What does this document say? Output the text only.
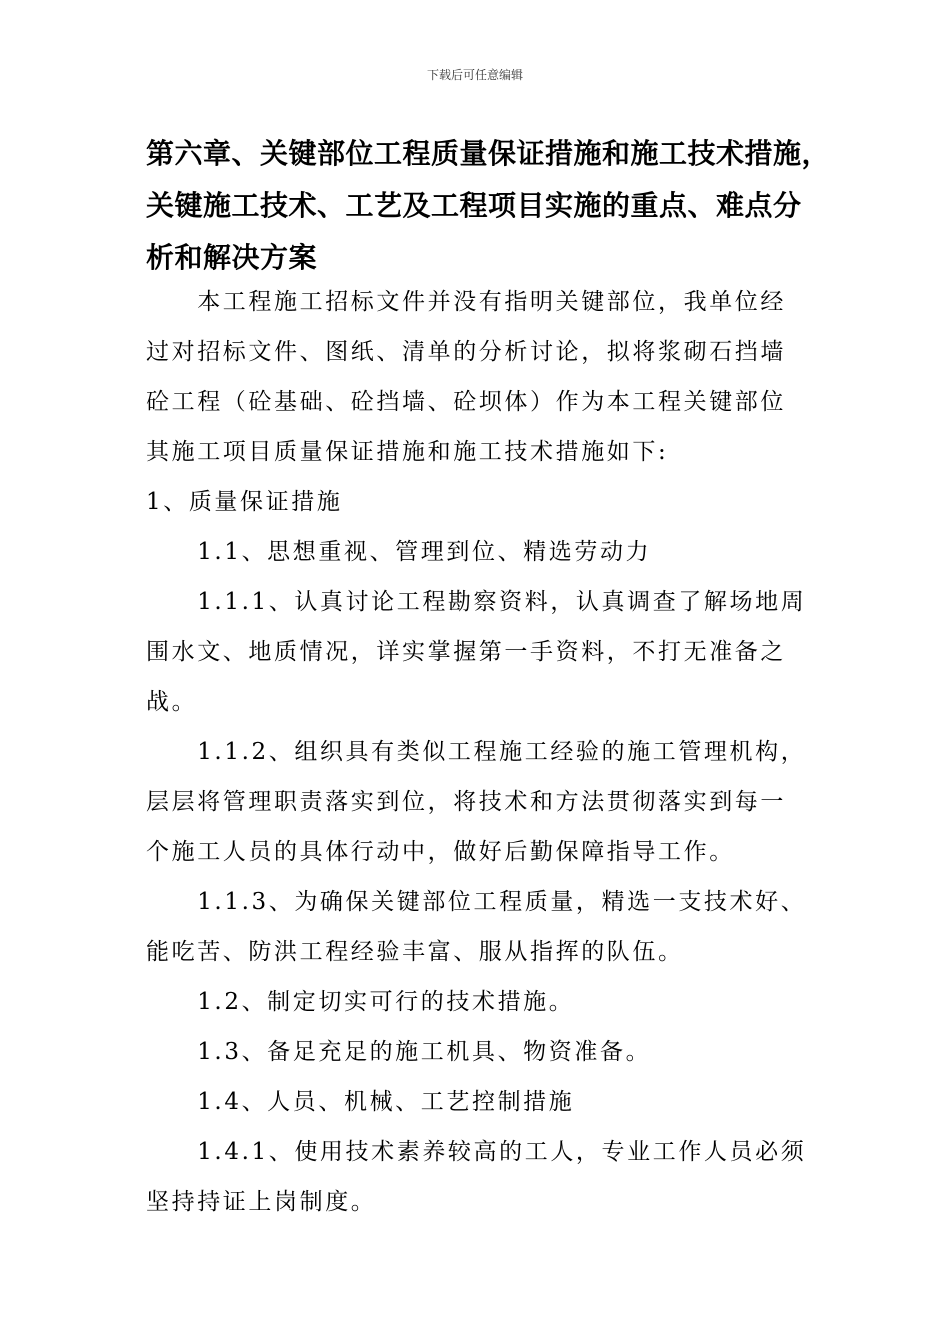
下载后可任意编辑
第六章、关键部位工程质量保证措施和施工技术措施，
关键施工技术、工艺及工程项目实施的重点、难点分
析和解决方案
　　本工程施工招标文件并没有指明关键部位，我单位经
过对招标文件、图纸、清单的分析讨论，拟将浆砌石挡墙
砼工程（砼基础、砼挡墙、砼坝体）作为本工程关键部位
其施工项目质量保证措施和施工技术措施如下:
1、质量保证措施
　　1.1、思想重视、管理到位、精选劳动力
　　1.1.1、认真讨论工程勘察资料，认真调查了解场地周
围水文、地质情况，详实掌握第一手资料，不打无准备之
战。
　　1.1.2、组织具有类似工程施工经验的施工管理机构，
层层将管理职责落实到位，将技术和方法贯彻落实到每一
个施工人员的具体行动中，做好后勤保障指导工作。
　　1.1.3、为确保关键部位工程质量，精选一支技术好、
能吃苦、防洪工程经验丰富、服从指挥的队伍。
　　1.2、制定切实可行的技术措施。
　　1.3、备足充足的施工机具、物资准备。
　　1.4、人员、机械、工艺控制措施
　　1.4.1、使用技术素养较高的工人，专业工作人员必须
坚持持证上岗制度。
